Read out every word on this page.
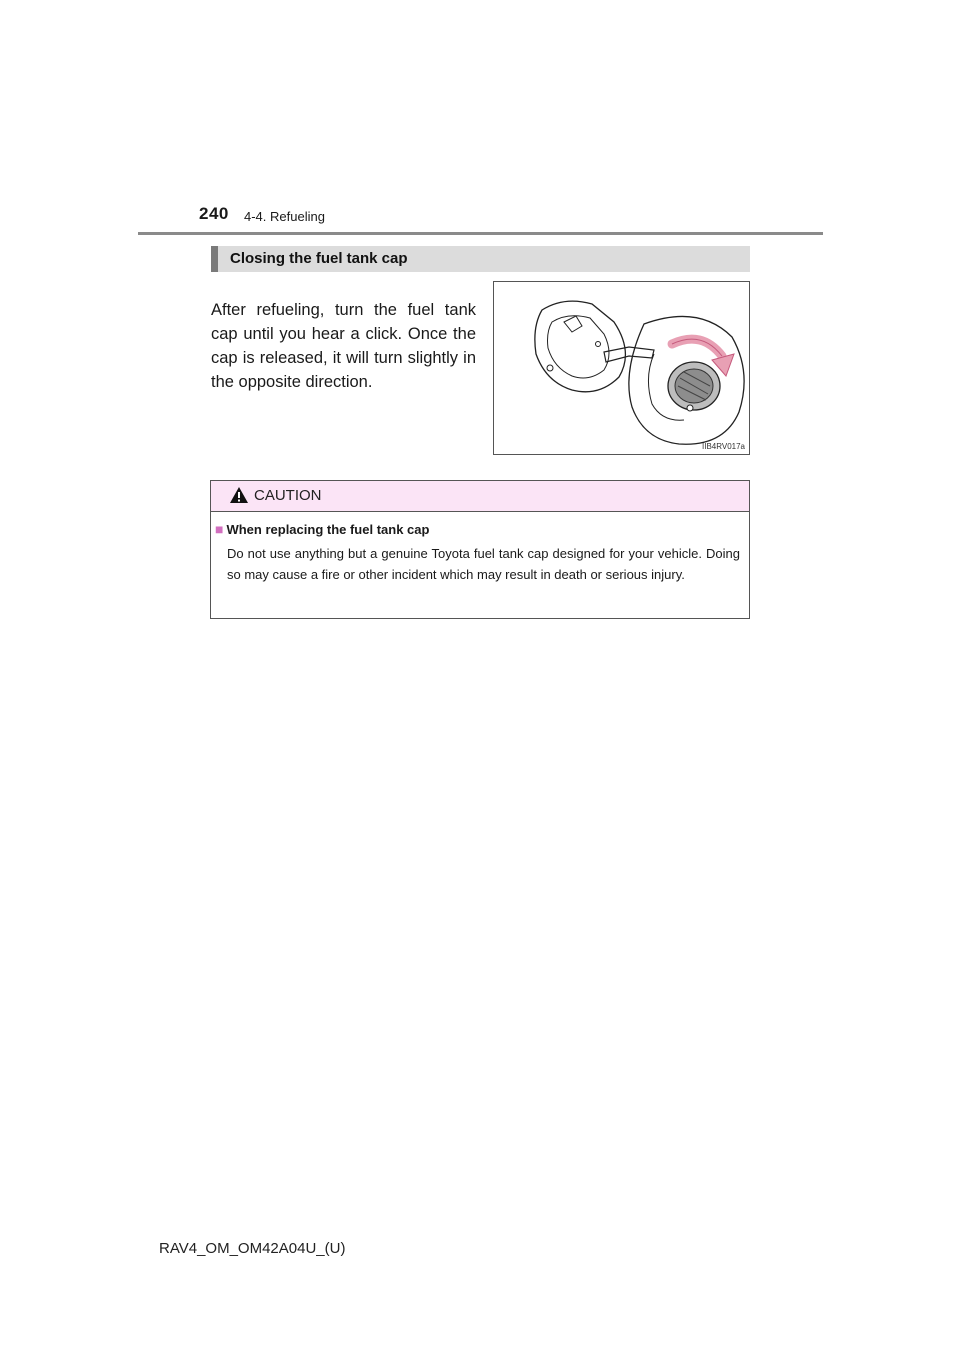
240 4-4. Refueling
Closing the fuel tank cap
After refueling, turn the fuel tank cap until you hear a click. Once the cap is released, it will turn slightly in the opposite direction.
IIB4RV017a
CAUTION
■ When replacing the fuel tank cap
Do not use anything but a genuine Toyota fuel tank cap designed for your vehicle. Doing so may cause a fire or other incident which may result in death or serious injury.
RAV4_OM_OM42A04U_(U)
